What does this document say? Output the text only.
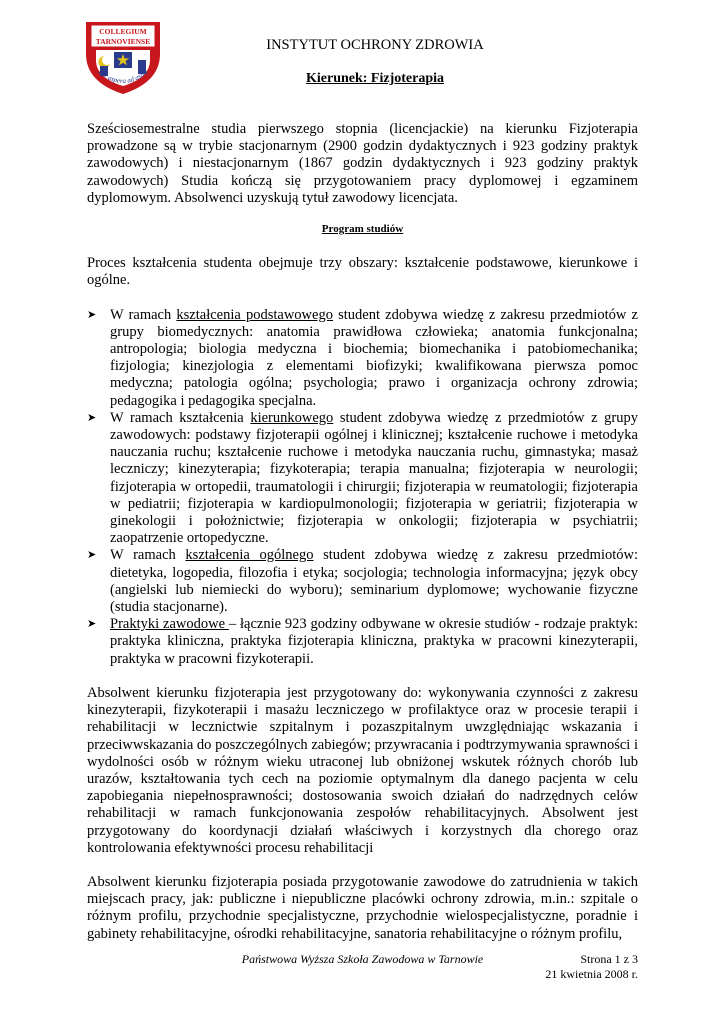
COLLEGIUM
TARNOVIENSE
Per aspera ad astra
INSTYTUT OCHRONY ZDROWIA
Kierunek: Fizjoterapia

Sześciosemestralne studia pierwszego stopnia (licencjackie) na kierunku Fizjoterapia prowadzone są w trybie stacjonarnym (2900 godzin dydaktycznych i 923 godziny praktyk zawodowych) i niestacjonarnym (1867 godzin dydaktycznych i 923 godziny praktyk zawodowych) Studia kończą się przygotowaniem pracy dyplomowej i egzaminem dyplomowym. Absolwenci uzyskują tytuł zawodowy licencjata.

Program studiów

Proces kształcenia studenta obejmuje trzy obszary: kształcenie podstawowe, kierunkowe i ogólne.

➤ W ramach kształcenia podstawowego student zdobywa wiedzę z zakresu przedmiotów z grupy biomedycznych: anatomia prawidłowa człowieka; anatomia funkcjonalna; antropologia; biologia medyczna i biochemia; biomechanika i patobiomechanika; fizjologia; kinezjologia z elementami biofizyki; kwalifikowana pierwsza pomoc medyczna; patologia ogólna; psychologia; prawo i organizacja ochrony zdrowia; pedagogika i pedagogika specjalna.
➤ W ramach kształcenia kierunkowego student zdobywa wiedzę z przedmiotów z grupy zawodowych: podstawy fizjoterapii ogólnej i klinicznej; kształcenie ruchowe i metodyka nauczania ruchu; kształcenie ruchowe i metodyka nauczania ruchu, gimnastyka; masaż leczniczy; kinezyterapia; fizykoterapia; terapia manualna; fizjoterapia w neurologii; fizjoterapia w ortopedii, traumatologii i chirurgii; fizjoterapia w reumatologii; fizjoterapia w pediatrii; fizjoterapia w kardiopulmonologii; fizjoterapia w geriatrii; fizjoterapia w ginekologii i położnictwie; fizjoterapia w onkologii; fizjoterapia w psychiatrii; zaopatrzenie ortopedyczne.
➤ W ramach kształcenia ogólnego student zdobywa wiedzę z zakresu przedmiotów: dietetyka, logopedia, filozofia i etyka; socjologia; technologia informacyjna; język obcy (angielski lub niemiecki do wyboru); seminarium dyplomowe; wychowanie fizyczne (studia stacjonarne).
➤ Praktyki zawodowe – łącznie 923 godziny odbywane w okresie studiów - rodzaje praktyk: praktyka kliniczna, praktyka fizjoterapia kliniczna, praktyka w pracowni kinezyterapii, praktyka w pracowni fizykoterapii.

Absolwent kierunku fizjoterapia jest przygotowany do: wykonywania czynności z zakresu kinezyterapii, fizykoterapii i masażu leczniczego w profilaktyce oraz w procesie terapii i rehabilitacji w lecznictwie szpitalnym i pozaszpitalnym uwzględniając wskazania i przeciwwskazania do poszczególnych zabiegów; przywracania i podtrzymywania sprawności i wydolności osób w różnym wieku utraconej lub obniżonej wskutek różnych chorób lub urazów, kształtowania tych cech na poziomie optymalnym dla danego pacjenta w celu zapobiegania niepełnosprawności; dostosowania swoich działań do nadrzędnych celów rehabilitacji w ramach funkcjonowania zespołów rehabilitacyjnych. Absolwent jest przygotowany do koordynacji działań właściwych i korzystnych dla chorego oraz kontrolowania efektywności procesu rehabilitacji

Absolwent kierunku fizjoterapia posiada przygotowanie zawodowe do zatrudnienia w takich miejscach pracy, jak: publiczne i niepubliczne placówki ochrony zdrowia, m.in.: szpitale o różnym profilu, przychodnie specjalistyczne, przychodnie wielospecjalistyczne, poradnie i gabinety rehabilitacyjne, ośrodki rehabilitacyjne, sanatoria rehabilitacyjne o różnym profilu,

Państwowa Wyższa Szkoła Zawodowa w Tarnowie	Strona 1 z 3
21 kwietnia 2008 r.
